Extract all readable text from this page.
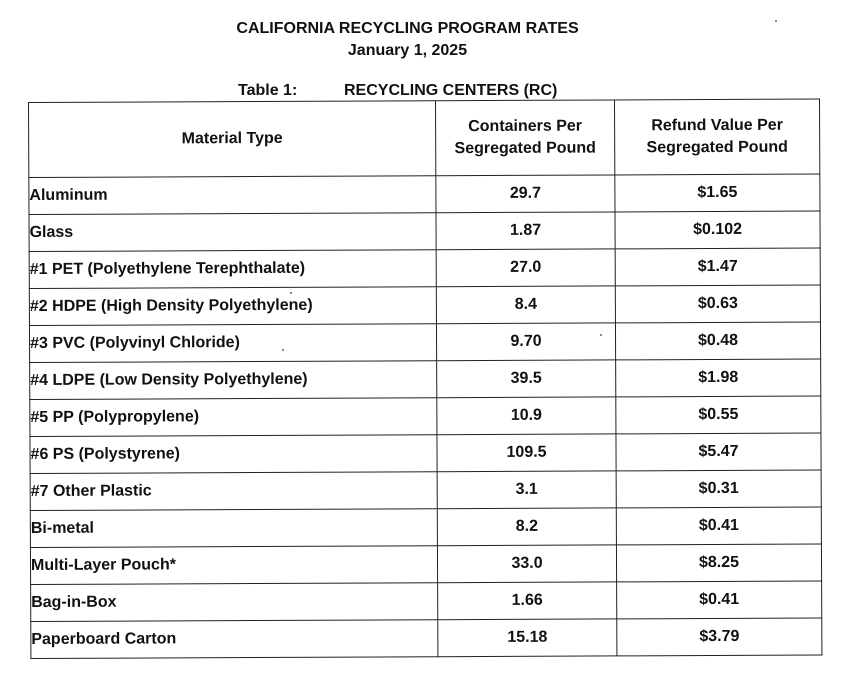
CALIFORNIA RECYCLING PROGRAM RATES
January 1, 2025
Table 1:	RECYCLING CENTERS (RC)
Material Type	Containers Per Segregated Pound	Refund Value Per Segregated Pound
Aluminum	29.7	$1.65
Glass	1.87	$0.102
#1 PET (Polyethylene Terephthalate)	27.0	$1.47
#2 HDPE (High Density Polyethylene)	8.4	$0.63
#3 PVC (Polyvinyl Chloride)	9.70	$0.48
#4 LDPE (Low Density Polyethylene)	39.5	$1.98
#5 PP (Polypropylene)	10.9	$0.55
#6 PS (Polystyrene)	109.5	$5.47
#7 Other Plastic	3.1	$0.31
Bi-metal	8.2	$0.41
Multi-Layer Pouch*	33.0	$8.25
Bag-in-Box	1.66	$0.41
Paperboard Carton	15.18	$3.79
